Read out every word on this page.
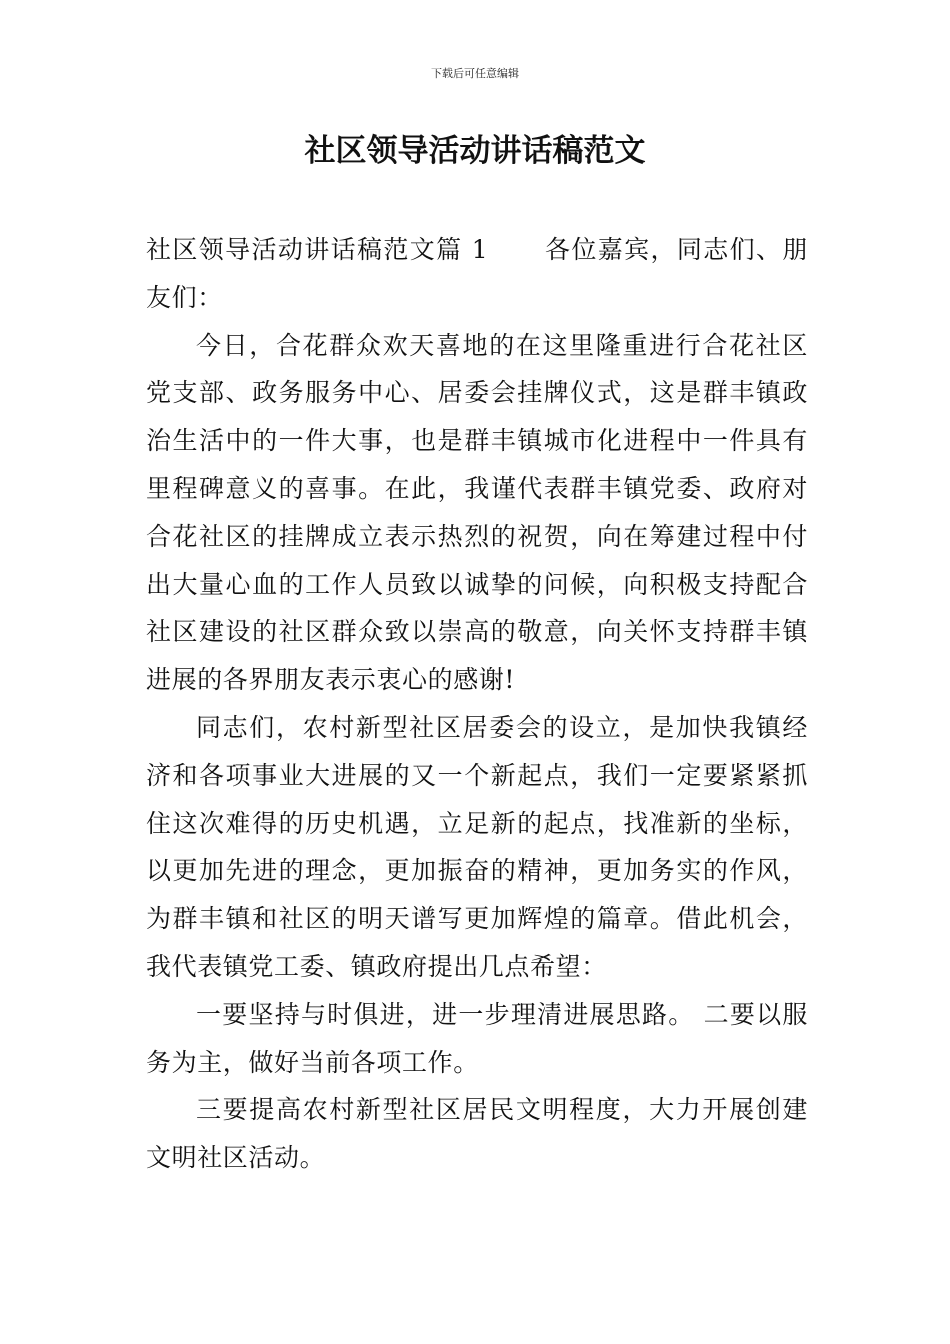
下载后可任意编辑
社区领导活动讲话稿范文

社区领导活动讲话稿范文篇 1 各位嘉宾，同志们、朋友们：

今日，合花群众欢天喜地的在这里隆重进行合花社区党支部、政务服务中心、居委会挂牌仪式，这是群丰镇政治生活中的一件大事，也是群丰镇城市化进程中一件具有里程碑意义的喜事。在此，我谨代表群丰镇党委、政府对合花社区的挂牌成立表示热烈的祝贺，向在筹建过程中付出大量心血的工作人员致以诚挚的问候，向积极支持配合社区建设的社区群众致以崇高的敬意，向关怀支持群丰镇进展的各界朋友表示衷心的感谢!

同志们，农村新型社区居委会的设立，是加快我镇经济和各项事业大进展的又一个新起点，我们一定要紧紧抓住这次难得的历史机遇，立足新的起点，找准新的坐标，以更加先进的理念，更加振奋的精神，更加务实的作风，为群丰镇和社区的明天谱写更加辉煌的篇章。借此机会，我代表镇党工委、镇政府提出几点希望：

一要坚持与时俱进，进一步理清进展思路。 二要以服务为主，做好当前各项工作。

三要提高农村新型社区居民文明程度，大力开展创建文明社区活动。
